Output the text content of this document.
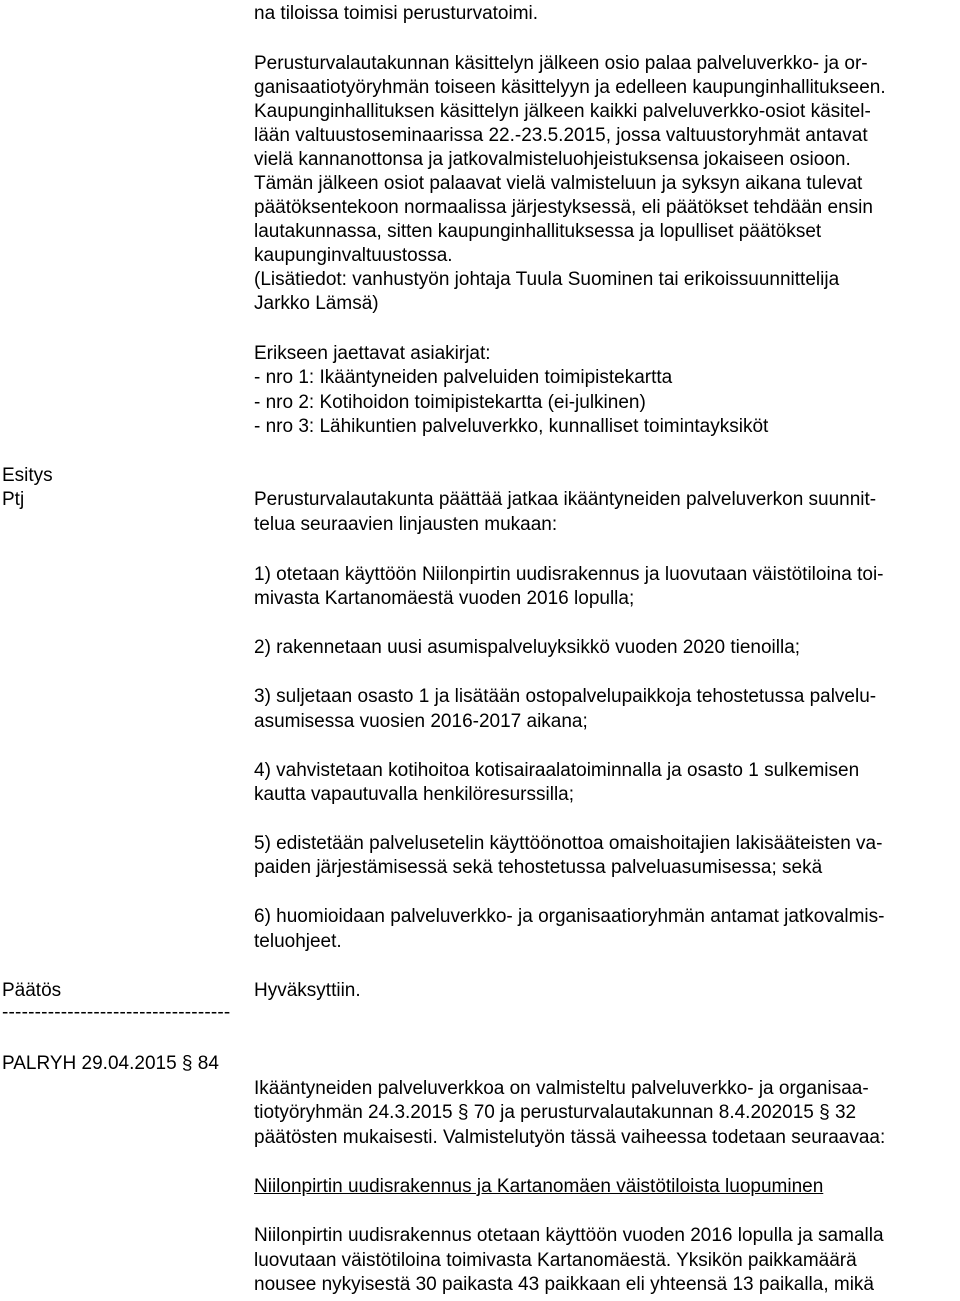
na tiloissa toimisi perusturvatoimi.
Perusturvalautakunnan käsittelyn jälkeen osio palaa palveluverkko- ja or-
ganisaatiotyöryhmän toiseen käsittelyyn ja edelleen kaupunginhallitukseen.
Kaupunginhallituksen käsittelyn jälkeen kaikki palveluverkko-osiot käsitel-
lään valtuustoseminaarissa 22.-23.5.2015, jossa valtuustoryhmät antavat
vielä kannanottonsa ja jatkovalmisteluohjeistuksensa jokaiseen osioon.
Tämän jälkeen osiot palaavat vielä valmisteluun ja syksyn aikana tulevat
päätöksentekoon normaalissa järjestyksessä, eli päätökset tehdään ensin
lautakunnassa, sitten kaupunginhallituksessa ja lopulliset päätökset
kaupunginvaltuustossa.
(Lisätiedot: vanhustyön johtaja Tuula Suominen tai erikoissuunnittelija
Jarkko Lämsä)
Erikseen jaettavat asiakirjat:
- nro 1: Ikääntyneiden palveluiden toimipistekartta
- nro 2: Kotihoidon toimipistekartta (ei-julkinen)
- nro 3: Lähikuntien palveluverkko, kunnalliset toimintayksiköt
Esitys
Ptj	Perusturvalautakunta päättää jatkaa ikääntyneiden palveluverkon suunnit-
telua seuraavien linjausten mukaan:
1) otetaan käyttöön Niilonpirtin uudisrakennus ja luovutaan väistötiloina toi-
mivasta Kartanomäestä vuoden 2016 lopulla;
2) rakennetaan uusi asumispalveluyksikkö vuoden 2020 tienoilla;
3) suljetaan osasto 1 ja lisätään ostopalvelupaikkoja tehostetussa palvelu-
asumisessa vuosien 2016-2017 aikana;
4) vahvistetaan kotihoitoa kotisairaalatoiminnalla ja osasto 1 sulkemisen
kautta vapautuvalla henkilöresurssilla;
5) edistetään palvelusetelin käyttöönottoa omaishoitajien lakisääteisten va-
paiden järjestämisessä sekä tehostetussa palveluasumisessa; sekä
6) huomioidaan palveluverkko- ja organisaatioryhmän antamat jatkovalmis-
teluohjeet.
Päätös	Hyväksyttiin.
-----------------------------------
PALRYH 29.04.2015 § 84
Ikääntyneiden palveluverkkoa on valmisteltu palveluverkko- ja organisaa-
tiotyöryhmän 24.3.2015 § 70 ja perusturvalautakunnan 8.4.202015 § 32
päätösten mukaisesti. Valmistelutyön tässä vaiheessa todetaan seuraavaa:
Niilonpirtin uudisrakennus ja Kartanomäen väistötiloista luopuminen
Niilonpirtin uudisrakennus otetaan käyttöön vuoden 2016 lopulla ja samalla
luovutaan väistötiloina toimivasta Kartanomäestä. Yksikön paikkamäärä
nousee nykyisestä 30 paikasta 43 paikkaan eli yhteensä 13 paikalla, mikä
